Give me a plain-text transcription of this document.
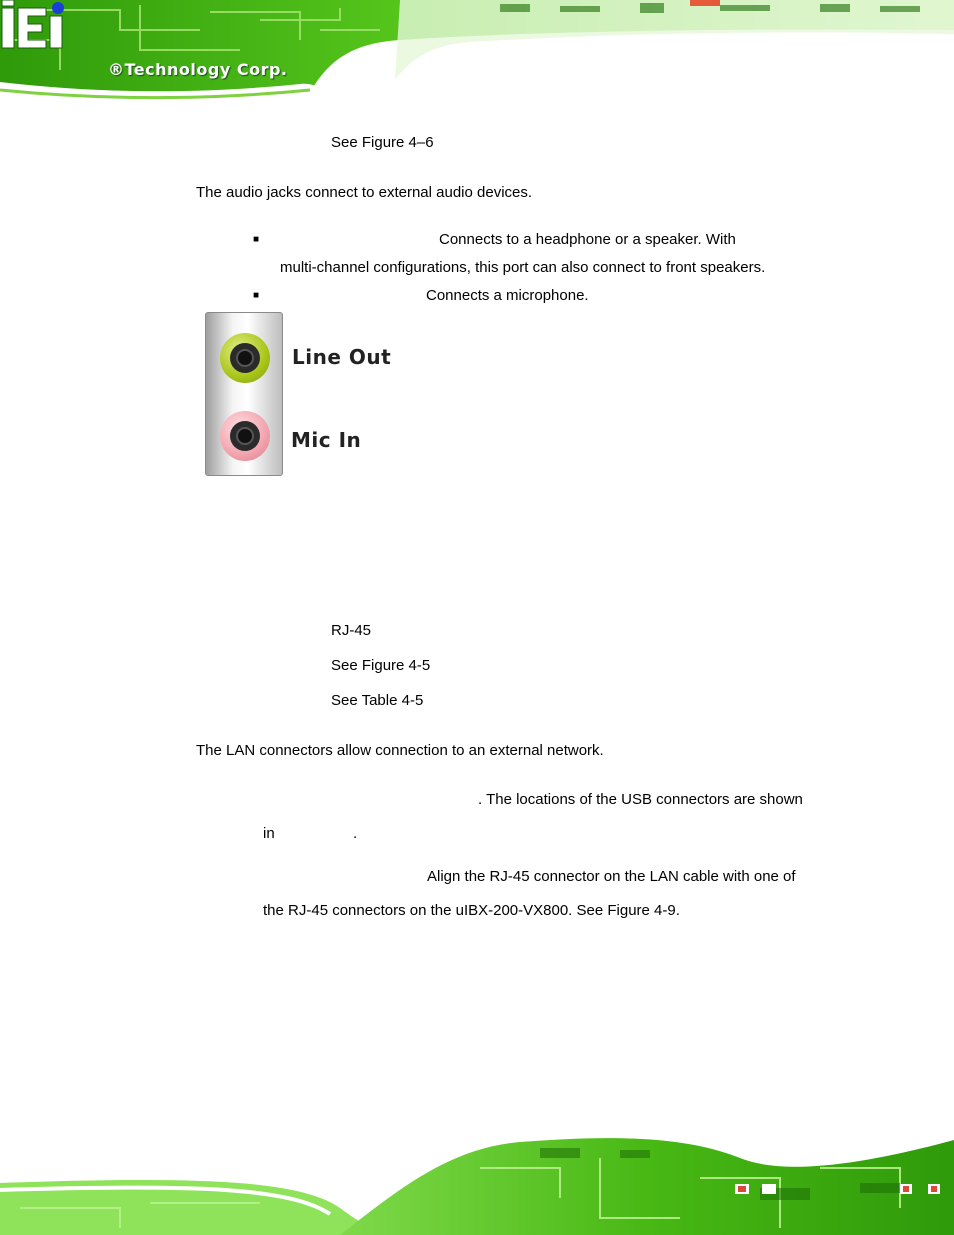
®Technology Corp.
See Figure 4–6
The audio jacks connect to external audio devices.
■	Connects to a headphone or a speaker. With
multi-channel configurations, this port can also connect to front speakers.
■	Connects a microphone.
Line Out
Mic In
RJ-45
See Figure 4-5
See Table 4-5
The LAN connectors allow connection to an external network.
. The locations of the USB connectors are shown
in	.
Align the RJ-45 connector on the LAN cable with one of
the RJ-45 connectors on the uIBX-200-VX800. See Figure 4-9.
